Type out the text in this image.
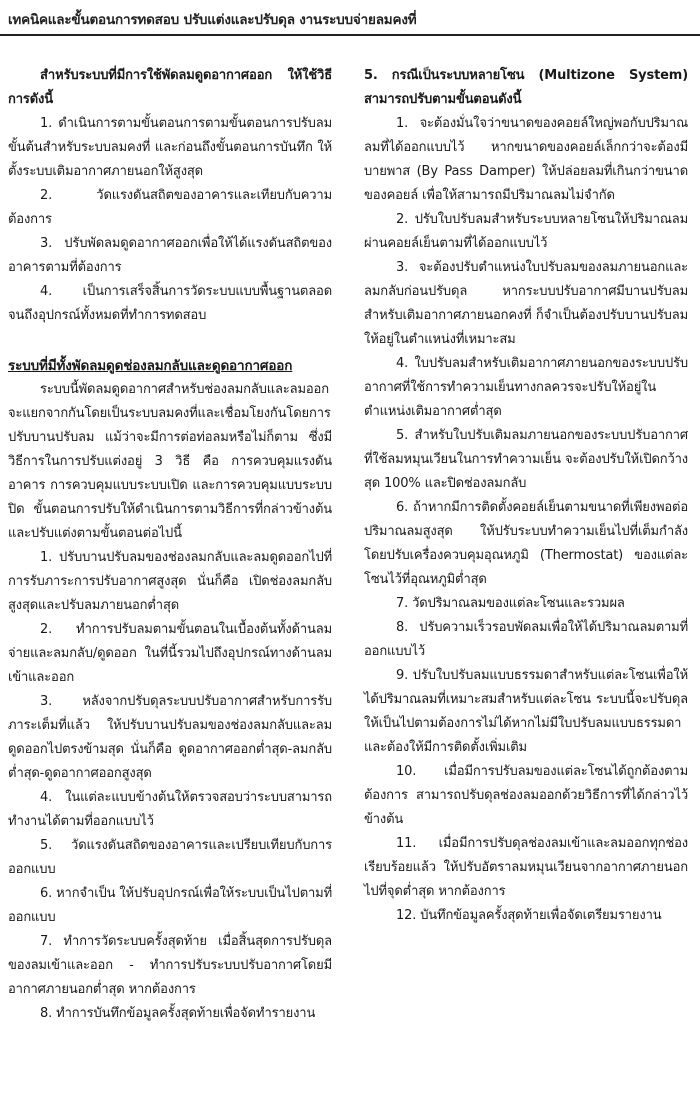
เทคนิคและขั้นตอนการทดสอบ ปรับแต่งและปรับดุล งานระบบจ่ายลมคงที่

สำหรับระบบที่มีการใช้พัดลมดูดอากาศออก ให้ใช้วิธีการดังนี้

1. ดำเนินการตามขั้นตอนการตามขั้นตอนการปรับลมขั้นต้นสำหรับระบบลมคงที่ และก่อนถึงขั้นตอนการบันทึก ให้ตั้งระบบเติมอากาศภายนอกให้สูงสุด

2. วัดแรงดันสถิตของอาคารและเทียบกับความต้องการ

3. ปรับพัดลมดูดอากาศออกเพื่อให้ได้แรงดันสถิตของอาคารตามที่ต้องการ

4. เป็นการเสร็จสิ้นการวัดระบบแบบพื้นฐานตลอดจนถึงอุปกรณ์ทั้งหมดที่ทำการทดสอบ

ระบบที่มีทั้งพัดลมดูดช่องลมกลับและดูดอากาศออก

ระบบนี้พัดลมดูดอากาศสำหรับช่องลมกลับและลมออกจะแยกจากกันโดยเป็นระบบลมคงที่และเชื่อมโยงกันโดยการปรับบานปรับลม แม้ว่าจะมีการต่อท่อลมหรือไม่ก็ตาม ซึ่งมีวิธีการในการปรับแต่งอยู่ 3 วิธี คือ การควบคุมแรงดันอาคาร การควบคุมแบบระบบเปิด และการควบคุมแบบระบบปิด ขั้นตอนการปรับให้ดำเนินการตามวิธีการที่กล่าวข้างต้นและปรับแต่งตามขั้นตอนต่อไปนี้

1. ปรับบานปรับลมของช่องลมกลับและลมดูดออกไปที่การรับภาระการปรับอากาศสูงสุด นั่นก็คือ เปิดช่องลมกลับสูงสุดและปรับลมภายนอกต่ำสุด

2. ทำการปรับลมตามขั้นตอนในเบื้องต้นทั้งด้านลมจ่ายและลมกลับ/ดูดออก ในที่นี้รวมไปถึงอุปกรณ์ทางด้านลมเข้าและออก

3. หลังจากปรับดุลระบบปรับอากาศสำหรับการรับภาระเต็มที่แล้ว ให้ปรับบานปรับลมของช่องลมกลับและลมดูดออกไปตรงข้ามสุด นั่นก็คือ ดูดอากาศออกต่ำสุด-ลมกลับต่ำสุด-ดูดอากาศออกสูงสุด

4. ในแต่ละแบบข้างต้นให้ตรวจสอบว่าระบบสามารถทำงานได้ตามที่ออกแบบไว้

5. วัดแรงดันสถิตของอาคารและเปรียบเทียบกับการออกแบบ

6. หากจำเป็น ให้ปรับอุปกรณ์เพื่อให้ระบบเป็นไปตามที่ออกแบบ

7. ทำการวัดระบบครั้งสุดท้าย เมื่อสิ้นสุดการปรับดุลของลมเข้าและออก - ทำการปรับระบบปรับอากาศโดยมีอากาศภายนอกต่ำสุด หากต้องการ

8. ทำการบันทึกข้อมูลครั้งสุดท้ายเพื่อจัดทำรายงาน

5. กรณีเป็นระบบหลายโซน (Multizone System) สามารถปรับตามขั้นตอนดังนี้

1. จะต้องมั่นใจว่าขนาดของคอยล์ใหญ่พอกับปริมาณลมที่ได้ออกแบบไว้ หากขนาดของคอยล์เล็กกว่าจะต้องมีบายพาส (By Pass Damper) ให้ปล่อยลมที่เกินกว่าขนาดของคอยล์ เพื่อให้สามารถมีปริมาณลมไม่จำกัด

2. ปรับใบปรับลมสำหรับระบบหลายโซนให้ปริมาณลมผ่านคอยล์เย็นตามที่ได้ออกแบบไว้

3. จะต้องปรับตำแหน่งใบปรับลมของลมภายนอกและลมกลับก่อนปรับดุล หากระบบปรับอากาศมีบานปรับลมสำหรับเติมอากาศภายนอกคงที่ ก็จำเป็นต้องปรับบานปรับลมให้อยู่ในตำแหน่งที่เหมาะสม

4. ใบปรับลมสำหรับเติมอากาศภายนอกของระบบปรับอากาศที่ใช้การทำความเย็นทางกลควรจะปรับให้อยู่ในตำแหน่งเติมอากาศต่ำสุด

5. สำหรับใบปรับเติมลมภายนอกของระบบปรับอากาศที่ใช้ลมหมุนเวียนในการทำความเย็น จะต้องปรับให้เปิดกว้างสุด 100% และปิดช่องลมกลับ

6. ถ้าหากมีการติดตั้งคอยล์เย็นตามขนาดที่เพียงพอต่อปริมาณลมสูงสุด ให้ปรับระบบทำความเย็นไปที่เต็มกำลัง โดยปรับเครื่องควบคุมอุณหภูมิ (Thermostat) ของแต่ละโซนไว้ที่อุณหภูมิต่ำสุด

7. วัดปริมาณลมของแต่ละโซนและรวมผล

8. ปรับความเร็วรอบพัดลมเพื่อให้ได้ปริมาณลมตามที่ออกแบบไว้

9. ปรับใบปรับลมแบบธรรมดาสำหรับแต่ละโซนเพื่อให้ได้ปริมาณลมที่เหมาะสมสำหรับแต่ละโซน ระบบนี้จะปรับดุลให้เป็นไปตามต้องการไม่ได้หากไม่มีใบปรับลมแบบธรรมดา และต้องให้มีการติดตั้งเพิ่มเติม

10. เมื่อมีการปรับลมของแต่ละโซนได้ถูกต้องตามต้องการ สามารถปรับดุลช่องลมออกด้วยวิธีการที่ได้กล่าวไว้ข้างต้น

11. เมื่อมีการปรับดุลช่องลมเข้าและลมออกทุกช่องเรียบร้อยแล้ว ให้ปรับอัตราลมหมุนเวียนจากอากาศภายนอกไปที่จุดต่ำสุด หากต้องการ

12. บันทึกข้อมูลครั้งสุดท้ายเพื่อจัดเตรียมรายงาน
